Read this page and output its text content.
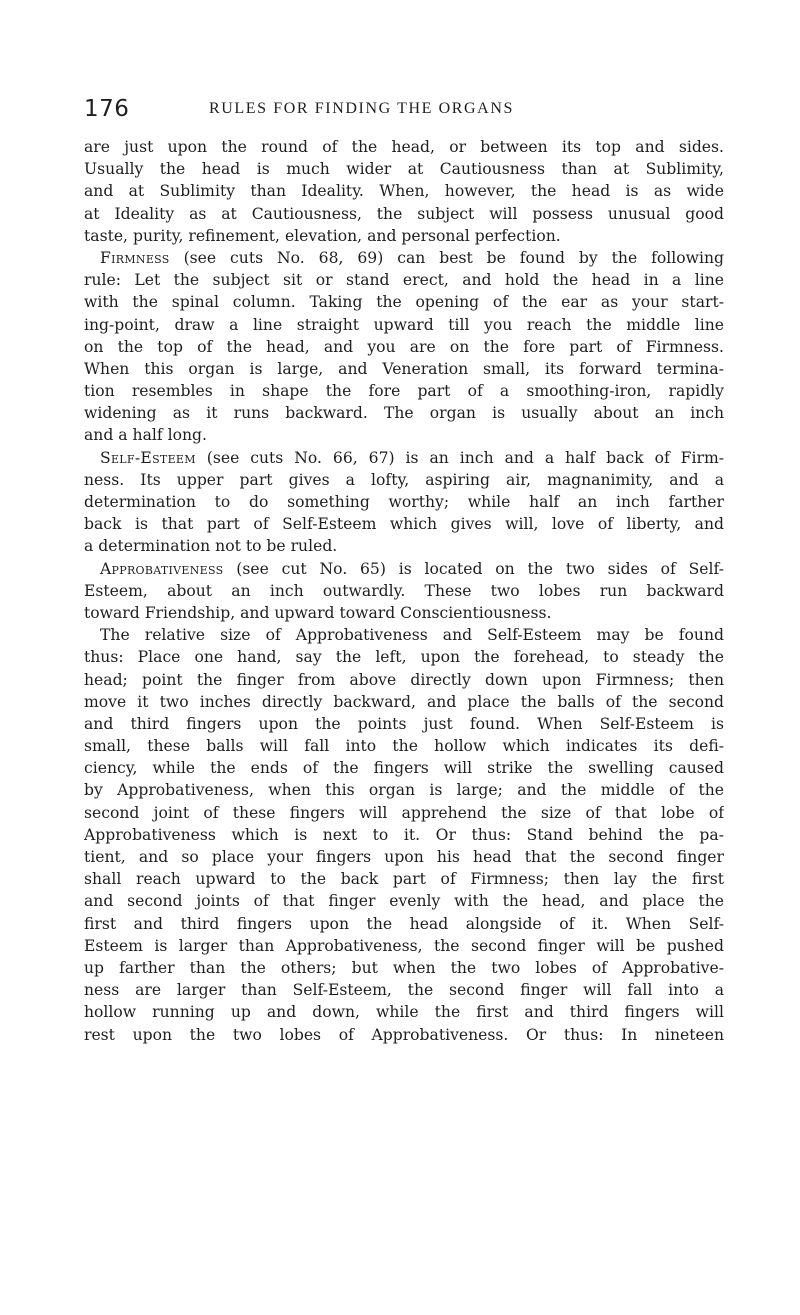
176	RULES FOR FINDING THE ORGANS
are just upon the round of the head, or between its top and sides.
Usually the head is much wider at Cautiousness than at Sublimity,
and at Sublimity than Ideality. When, however, the head is as wide
at Ideality as at Cautiousness, the subject will possess unusual good
taste, purity, refinement, elevation, and personal perfection.
Firmness (see cuts No. 68, 69) can best be found by the following
rule: Let the subject sit or stand erect, and hold the head in a line
with the spinal column. Taking the opening of the ear as your start-
ing-point, draw a line straight upward till you reach the middle line
on the top of the head, and you are on the fore part of Firmness.
When this organ is large, and Veneration small, its forward termina-
tion resembles in shape the fore part of a smoothing-iron, rapidly
widening as it runs backward. The organ is usually about an inch
and a half long.
Self-Esteem (see cuts No. 66, 67) is an inch and a half back of Firm-
ness. Its upper part gives a lofty, aspiring air, magnanimity, and a
determination to do something worthy; while half an inch farther
back is that part of Self-Esteem which gives will, love of liberty, and
a determination not to be ruled.
Approbativeness (see cut No. 65) is located on the two sides of Self-
Esteem, about an inch outwardly. These two lobes run backward
toward Friendship, and upward toward Conscientiousness.
The relative size of Approbativeness and Self-Esteem may be found
thus: Place one hand, say the left, upon the forehead, to steady the
head; point the finger from above directly down upon Firmness; then
move it two inches directly backward, and place the balls of the second
and third fingers upon the points just found. When Self-Esteem is
small, these balls will fall into the hollow which indicates its defi-
ciency, while the ends of the fingers will strike the swelling caused
by Approbativeness, when this organ is large; and the middle of the
second joint of these fingers will apprehend the size of that lobe of
Approbativeness which is next to it. Or thus: Stand behind the pa-
tient, and so place your fingers upon his head that the second finger
shall reach upward to the back part of Firmness; then lay the first
and second joints of that finger evenly with the head, and place the
first and third fingers upon the head alongside of it. When Self-
Esteem is larger than Approbativeness, the second finger will be pushed
up farther than the others; but when the two lobes of Approbative-
ness are larger than Self-Esteem, the second finger will fall into a
hollow running up and down, while the first and third fingers will
rest upon the two lobes of Approbativeness. Or thus: In nineteen
